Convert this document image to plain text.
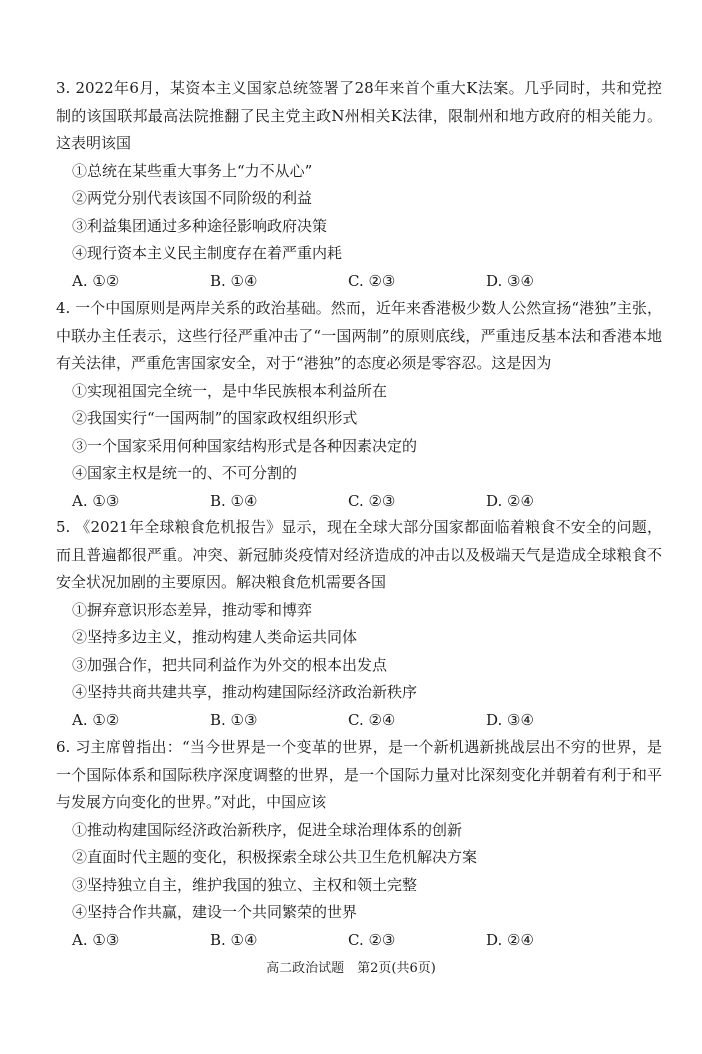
3. 2022年6月，某资本主义国家总统签署了28年来首个重大K法案。几乎同时，共和党控制的该国联邦最高法院推翻了民主党主政N州相关K法律，限制州和地方政府的相关能力。这表明该国
①总统在某些重大事务上“力不从心”
②两党分别代表该国不同阶级的利益
③利益集团通过多种途径影响政府决策
④现行资本主义民主制度存在着严重内耗
A. ①②	B. ①④	C. ②③	D. ③④
4. 一个中国原则是两岸关系的政治基础。然而，近年来香港极少数人公然宣扬“港独”主张，中联办主任表示，这些行径严重冲击了“一国两制”的原则底线，严重违反基本法和香港本地有关法律，严重危害国家安全，对于“港独”的态度必须是零容忍。这是因为
①实现祖国完全统一，是中华民族根本利益所在
②我国实行“一国两制”的国家政权组织形式
③一个国家采用何种国家结构形式是各种因素决定的
④国家主权是统一的、不可分割的
A. ①③	B. ①④	C. ②③	D. ②④
5. 《2021年全球粮食危机报告》显示，现在全球大部分国家都面临着粮食不安全的问题，而且普遍都很严重。冲突、新冠肺炎疫情对经济造成的冲击以及极端天气是造成全球粮食不安全状况加剧的主要原因。解决粮食危机需要各国
①摒弃意识形态差异，推动零和博弈
②坚持多边主义，推动构建人类命运共同体
③加强合作，把共同利益作为外交的根本出发点
④坚持共商共建共享，推动构建国际经济政治新秩序
A. ①②	B. ①③	C. ②④	D. ③④
6. 习主席曾指出：“当今世界是一个变革的世界，是一个新机遇新挑战层出不穷的世界，是一个国际体系和国际秩序深度调整的世界，是一个国际力量对比深刻变化并朝着有利于和平与发展方向变化的世界。”对此，中国应该
①推动构建国际经济政治新秩序，促进全球治理体系的创新
②直面时代主题的变化，积极探索全球公共卫生危机解决方案
③坚持独立自主，维护我国的独立、主权和领土完整
④坚持合作共赢，建设一个共同繁荣的世界
A. ①③	B. ①④	C. ②③	D. ②④
高二政治试题　第2页(共6页)
